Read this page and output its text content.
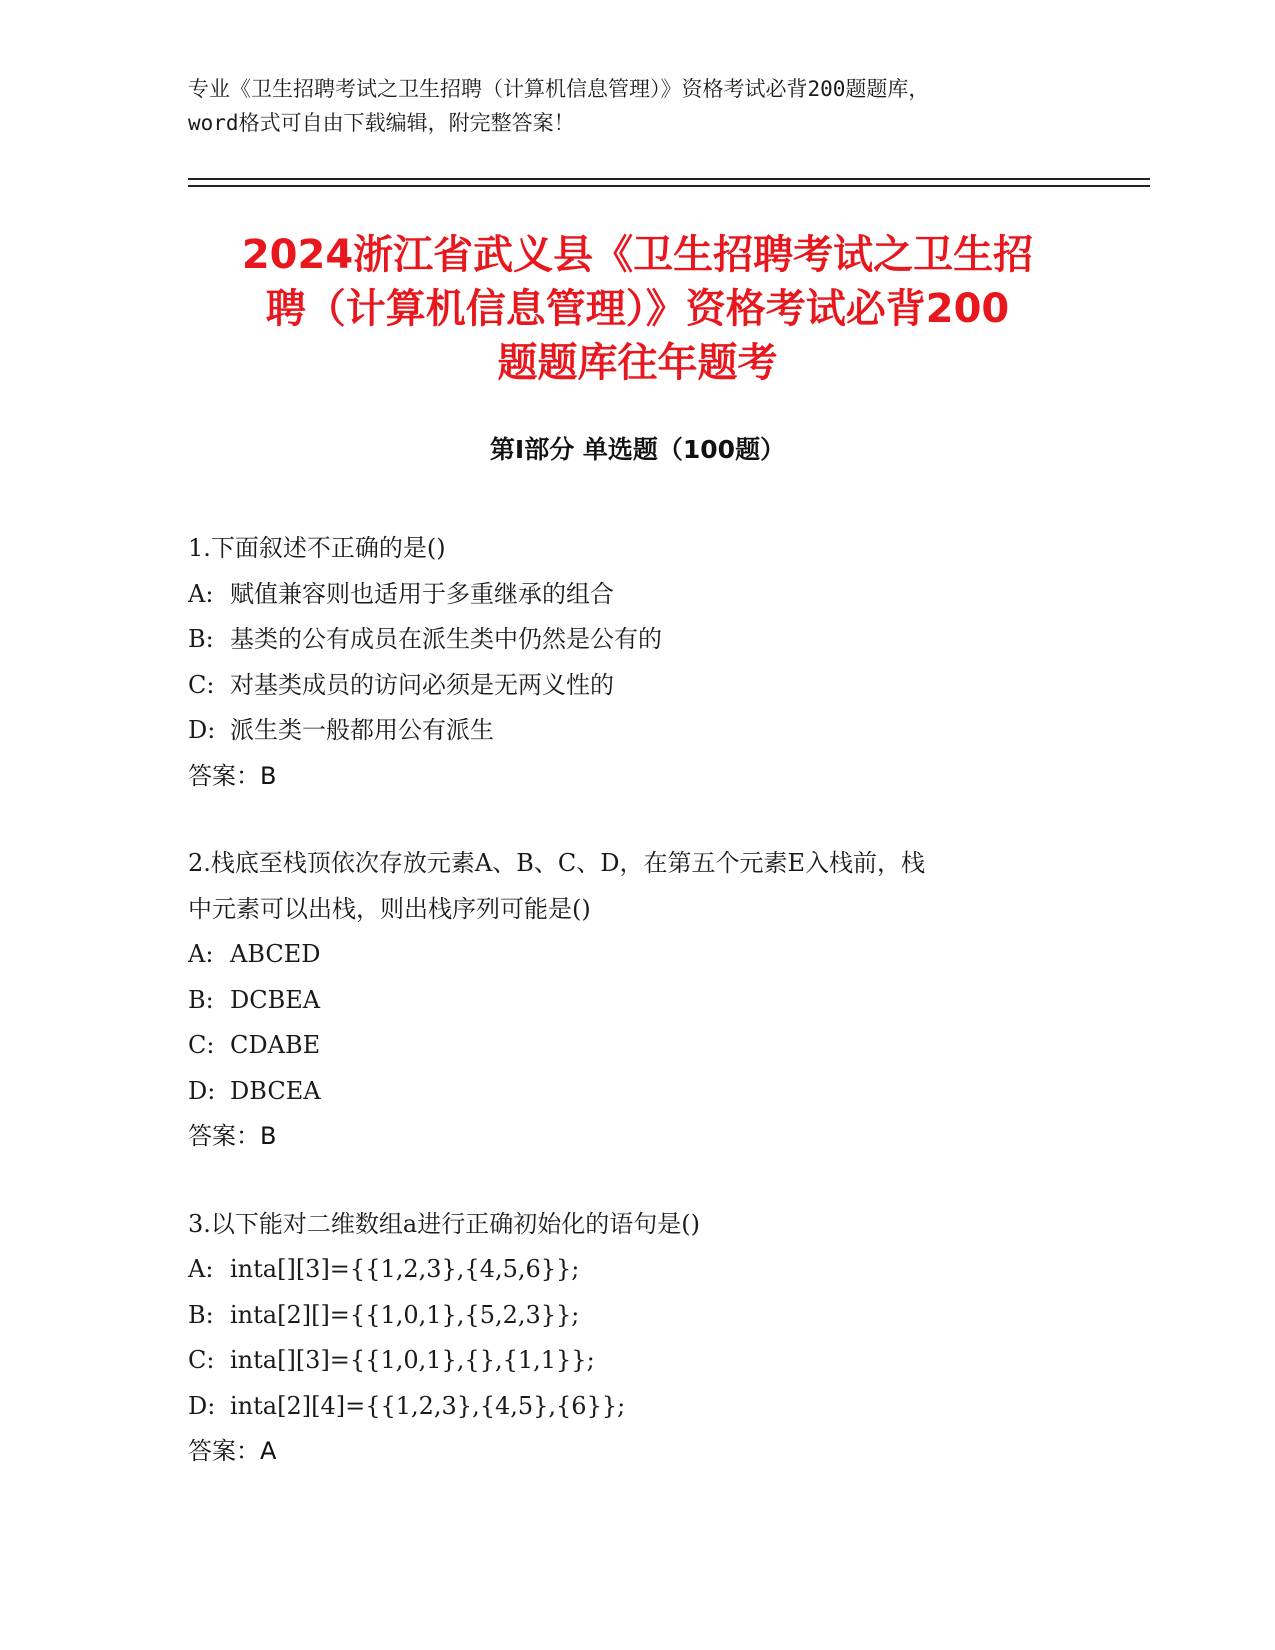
专业《卫生招聘考试之卫生招聘（计算机信息管理）》资格考试必背200题题库，
word格式可自由下载编辑，附完整答案！
2024浙江省武义县《卫生招聘考试之卫生招
聘（计算机信息管理）》资格考试必背200
题题库往年题考
第Ⅰ部分 单选题（100题）
1.下面叙述不正确的是()
A: 赋值兼容则也适用于多重继承的组合
B: 基类的公有成员在派生类中仍然是公有的
C: 对基类成员的访问必须是无两义性的
D: 派生类一般都用公有派生
答案：B
2.栈底至栈顶依次存放元素A、B、C、D，在第五个元素E入栈前，栈
中元素可以出栈，则出栈序列可能是()
A: ABCED
B: DCBEA
C: CDABE
D: DBCEA
答案：B
3.以下能对二维数组a进行正确初始化的语句是()
A: inta[][3]={{1,2,3},{4,5,6}};
B: inta[2][]={{1,0,1},{5,2,3}};
C: inta[][3]={{1,0,1},{},{1,1}};
D: inta[2][4]={{1,2,3},{4,5},{6}};
答案：A
